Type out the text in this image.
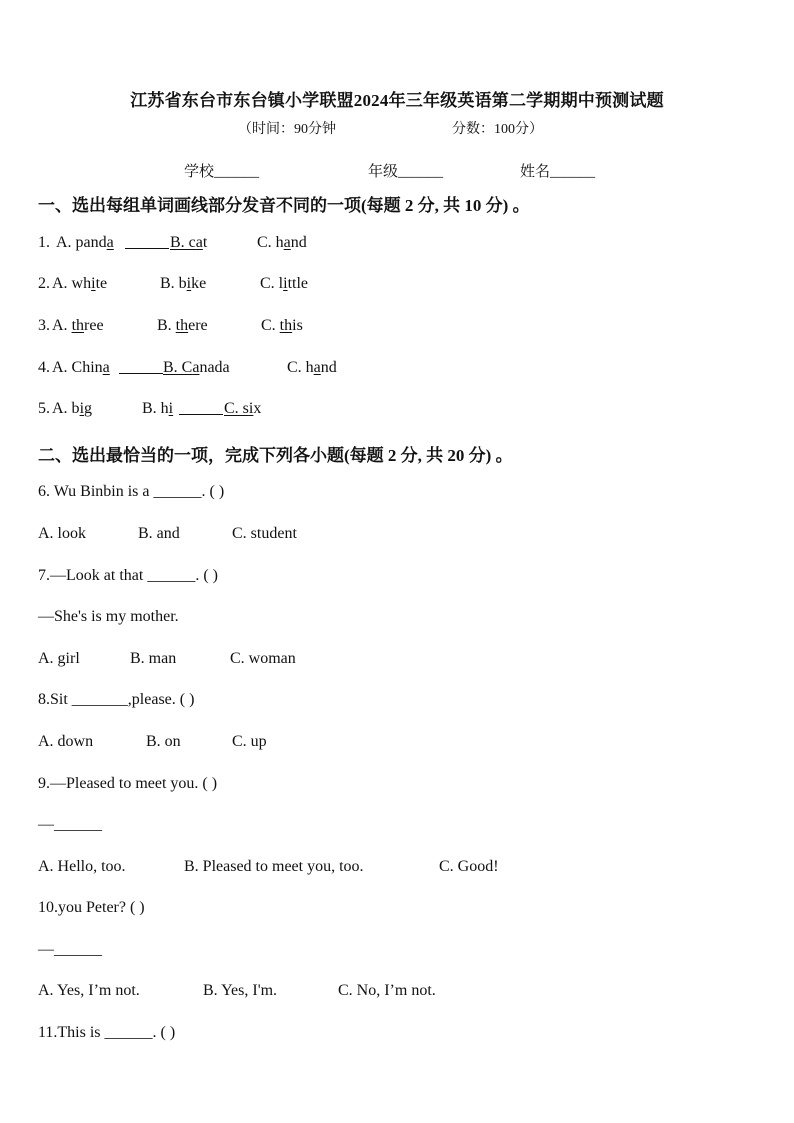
江苏省东台市东台镇小学联盟2024年三年级英语第二学期期中预测试题
（时间：90分钟	分数：100分）
学校______	年级______	姓名______
一、选出每组单词画线部分发音不同的一项(每题 2 分, 共 10 分) 。
1. A. panda	B. cat	C. hand
2. A. white	B. bike	C. little
3. A. three	B. there	C. this
4. A. China	B. Canada	C. hand
5. A. big	B. hi	C. six
二、选出最恰当的一项，完成下列各小题(每题 2 分, 共 20 分) 。
6. Wu Binbin is a ______. ( )
A. look	B. and	C. student
7.—Look at that ______. ( )
—She's is my mother.
A. girl	B. man	C. woman
8.Sit _______,please. ( )
A. down	B. on	C. up
9.—Pleased to meet you. ( )
—______
A. Hello, too.	B. Pleased to meet you, too.	C. Good!
10.you Peter? ( )
—______
A. Yes, I’m not.	B. Yes, I'm.	C. No, I’m not.
11.This is ______. ( )
